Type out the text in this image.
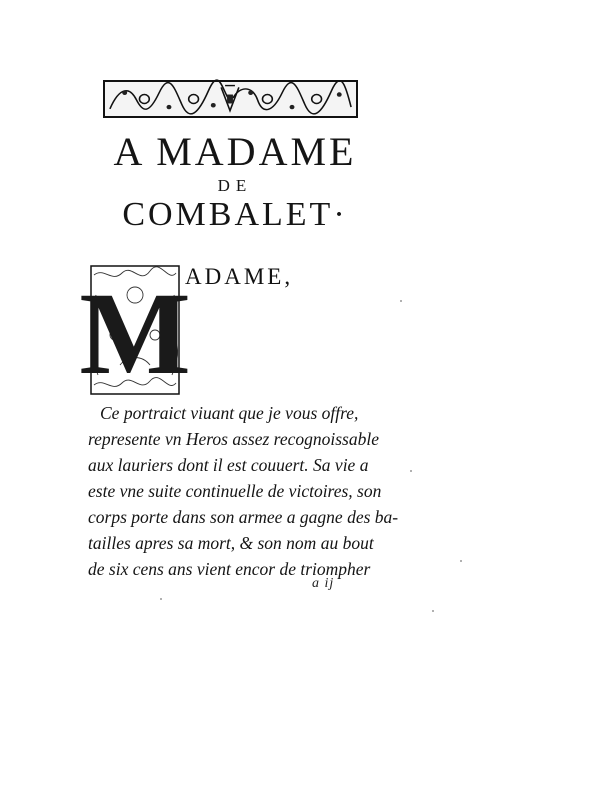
A MADAME
DE
COMBALET·
M
ADAME,
Ce portraict viuant que je vous offre,
represente vn Heros assez recognoissable
aux lauriers dont il est couuert. Sa vie a
este vne suite continuelle de victoires, son
corps porte dans son armee a gagne des ba-
tailles apres sa mort, & son nom au bout
de six cens ans vient encor de triompher
a ij
